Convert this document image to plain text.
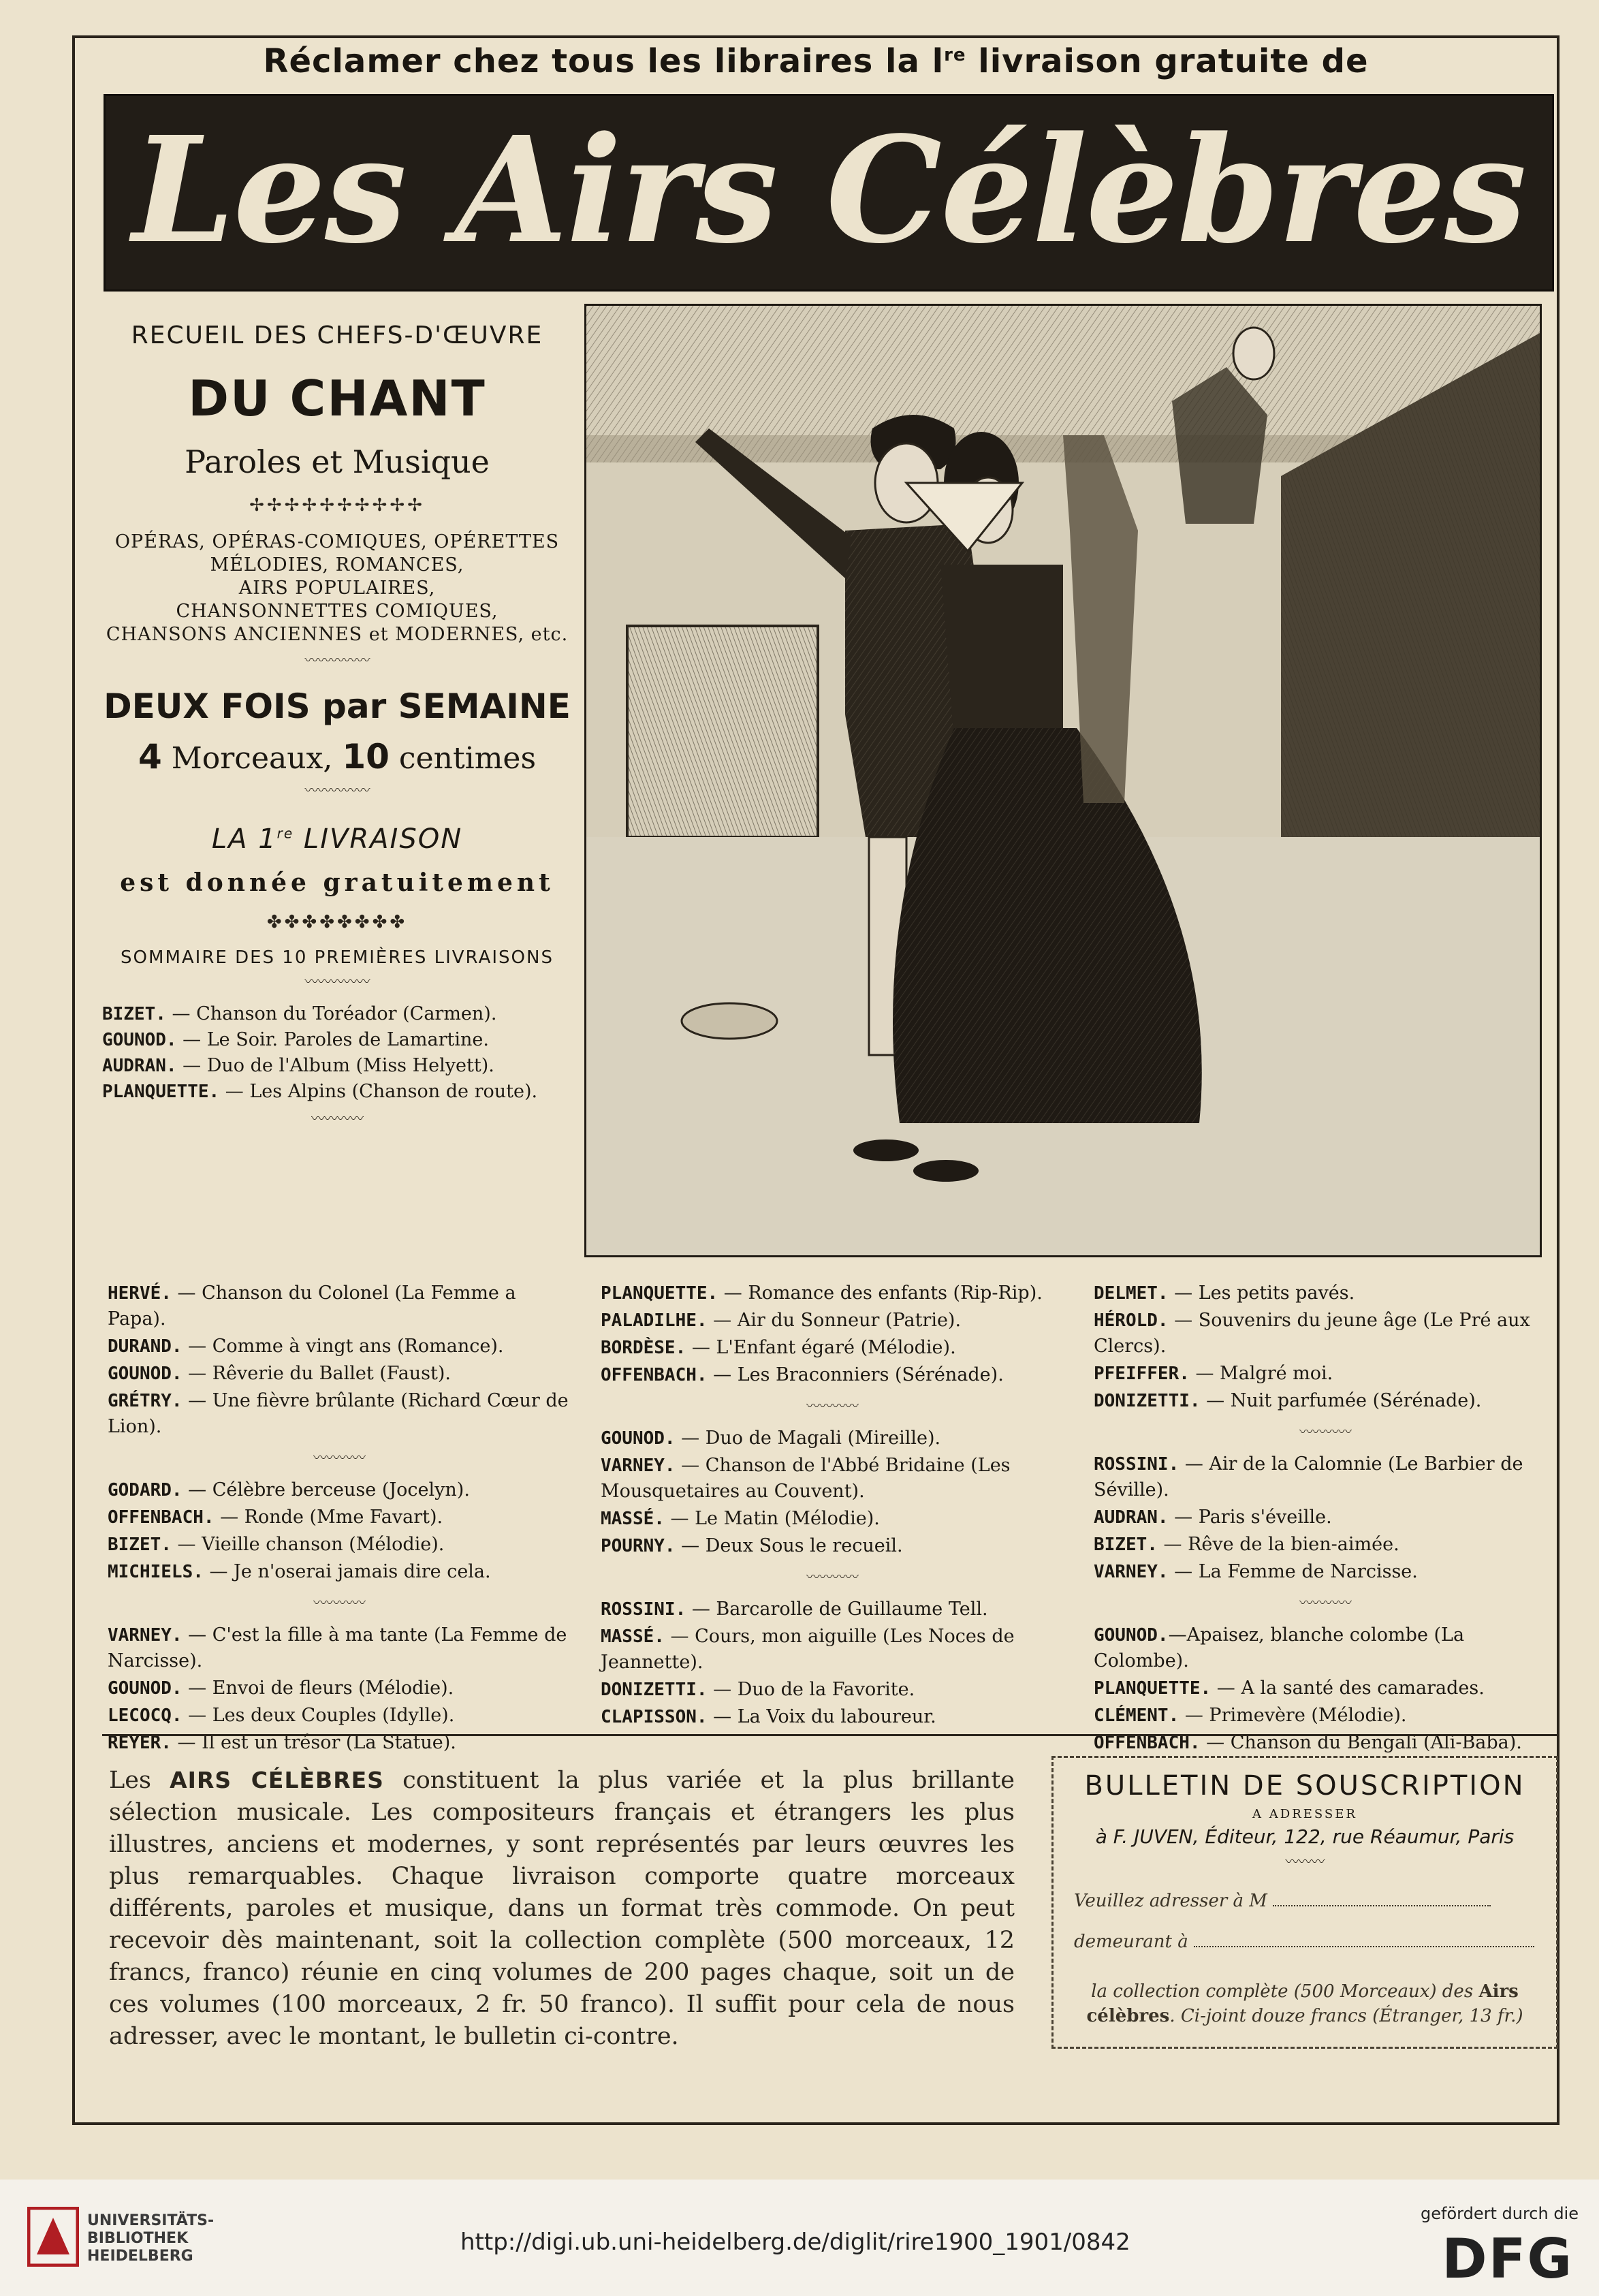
Réclamer chez tous les libraires la $l^{re}$ livraison gratuite de
Les Airs Célèbres
RECUEIL DES CHEFS-D'ŒUVRE
DU CHANT
Paroles et Musique
✢✢✢✢✢✢✢✢✢✢
OPÉRAS, OPÉRAS-COMIQUES, OPÉRETTES
MÉLODIES, ROMANCES,
AIRS POPULAIRES,
CHANSONNETTES COMIQUES,
CHANSONS ANCIENNES et MODERNES, etc.
〰〰〰〰〰
DEUX FOIS par SEMAINE
4 Morceaux, 10 centimes
〰〰〰〰〰
LA 1re LIVRAISON
est donnée gratuitement
✤✤✤✤✤✤✤✤
SOMMAIRE DES 10 PREMIÈRES LIVRAISONS
〰〰〰〰〰
BIZET. — Chanson du Toréador (Carmen).
GOUNOD. — Le Soir. Paroles de Lamartine.
AUDRAN. — Duo de l'Album (Miss Helyett).
PLANQUETTE. — Les Alpins (Chanson de route).
〰〰〰〰
HERVÉ. — Chanson du Colonel (La Femme a Papa).
DURAND. — Comme à vingt ans (Romance).
GOUNOD. — Rêverie du Ballet (Faust).
GRÉTRY. — Une fièvre brûlante (Richard Cœur de Lion).
〰〰〰〰
GODARD. — Célèbre berceuse (Jocelyn).
OFFENBACH. — Ronde (Mme Favart).
BIZET. — Vieille chanson (Mélodie).
MICHIELS. — Je n'oserai jamais dire cela.
〰〰〰〰
VARNEY. — C'est la fille à ma tante (La Femme de Narcisse).
GOUNOD. — Envoi de fleurs (Mélodie).
LECOCQ. — Les deux Couples (Idylle).
REYER. — Il est un trésor (La Statue).
PLANQUETTE. — Romance des enfants (Rip-Rip).
PALADILHE. — Air du Sonneur (Patrie).
BORDÈSE. — L'Enfant égaré (Mélodie).
OFFENBACH. — Les Braconniers (Sérénade).
〰〰〰〰
GOUNOD. — Duo de Magali (Mireille).
VARNEY. — Chanson de l'Abbé Bridaine (Les Mousquetaires au Couvent).
MASSÉ. — Le Matin (Mélodie).
POURNY. — Deux Sous le recueil.
〰〰〰〰
ROSSINI. — Barcarolle de Guillaume Tell.
MASSÉ. — Cours, mon aiguille (Les Noces de Jeannette).
DONIZETTI. — Duo de la Favorite.
CLAPISSON. — La Voix du laboureur.
DELMET. — Les petits pavés.
HÉROLD. — Souvenirs du jeune âge (Le Pré aux Clercs).
PFEIFFER. — Malgré moi.
DONIZETTI. — Nuit parfumée (Sérénade).
〰〰〰〰
ROSSINI. — Air de la Calomnie (Le Barbier de Séville).
AUDRAN. — Paris s'éveille.
BIZET. — Rêve de la bien-aimée.
VARNEY. — La Femme de Narcisse.
〰〰〰〰
GOUNOD.—Apaisez, blanche colombe (La Colombe).
PLANQUETTE. — A la santé des camarades.
CLÉMENT. — Primevère (Mélodie).
OFFENBACH. — Chanson du Bengali (Ali-Baba).
Les AIRS CÉLÈBRES constituent la plus variée et la plus brillante sélection musicale. Les compositeurs français et étrangers les plus illustres, anciens et modernes, y sont représentés par leurs œuvres les plus remarquables. Chaque livraison comporte quatre morceaux différents, paroles et musique, dans un format très commode. On peut recevoir dès maintenant, soit la collection complète (500 morceaux, 12 francs, franco) réunie en cinq volumes de 200 pages chaque, soit un de ces volumes (100 morceaux, 2 fr. 50 franco). Il suffit pour cela de nous adresser, avec le montant, le bulletin ci-contre.
BULLETIN DE SOUSCRIPTION
A ADRESSER
à F. JUVEN, Éditeur, 122, rue Réaumur, Paris
〰〰〰
Veuillez adresser à M
demeurant à
la collection complète (500 Morceaux) des Airs célèbres. Ci-joint douze francs (Étranger, 13 fr.)
UNIVERSITÄTS-
BIBLIOTHEK
HEIDELBERG
http://digi.ub.uni-heidelberg.de/diglit/rire1900_1901/0842
gefördert durch die
DFG
